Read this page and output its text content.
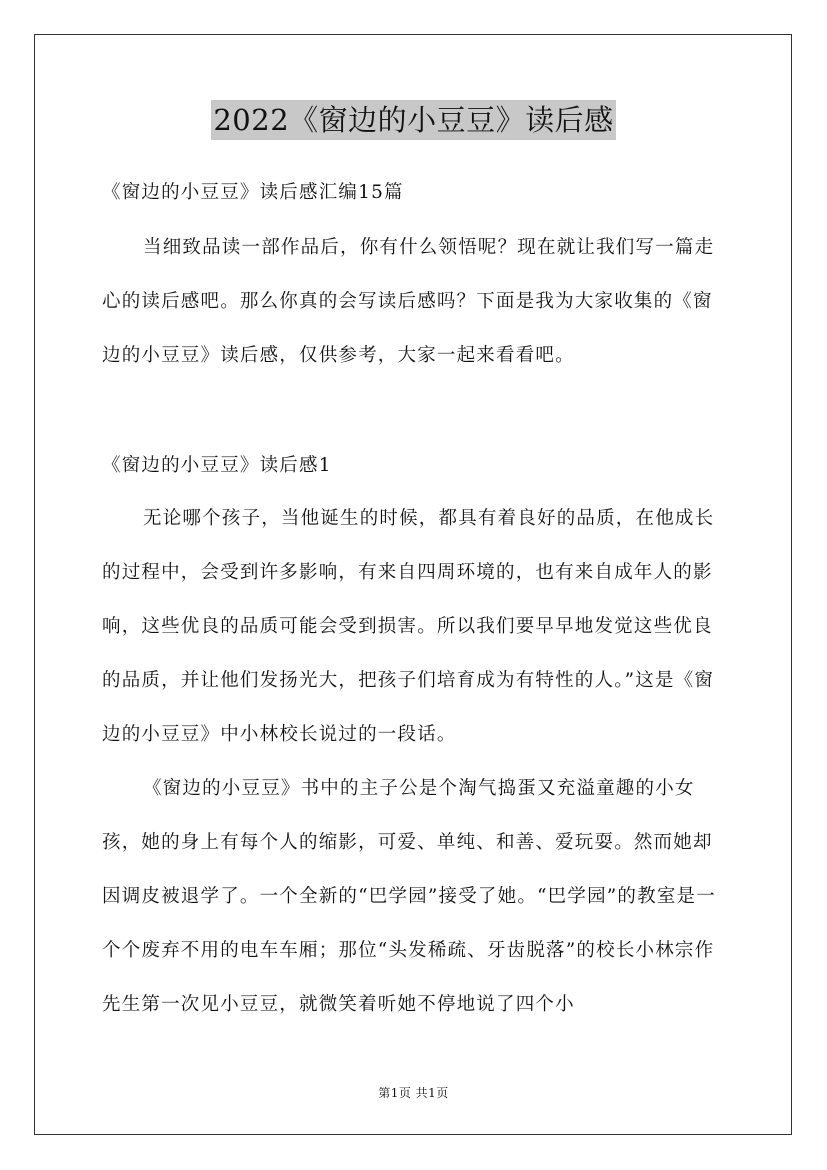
2022《窗边的小豆豆》读后感
《窗边的小豆豆》读后感汇编15篇
当细致品读一部作品后，你有什么领悟呢？现在就让我们写一篇走心的读后感吧。那么你真的会写读后感吗？下面是我为大家收集的《窗边的小豆豆》读后感，仅供参考，大家一起来看看吧。
《窗边的小豆豆》读后感1
无论哪个孩子，当他诞生的时候，都具有着良好的品质，在他成长的过程中，会受到许多影响，有来自四周环境的，也有来自成年人的影响，这些优良的品质可能会受到损害。所以我们要早早地发觉这些优良的品质，并让他们发扬光大，把孩子们培育成为有特性的人。”这是《窗边的小豆豆》中小林校长说过的一段话。
《窗边的小豆豆》书中的主子公是个淘气捣蛋又充溢童趣的小女孩，她的身上有每个人的缩影，可爱、单纯、和善、爱玩耍。然而她却因调皮被退学了。一个全新的“巴学园”接受了她。“巴学园”的教室是一个个废弃不用的电车车厢；那位“头发稀疏、牙齿脱落”的校长小林宗作先生第一次见小豆豆，就微笑着听她不停地说了四个小
第1页 共1页
